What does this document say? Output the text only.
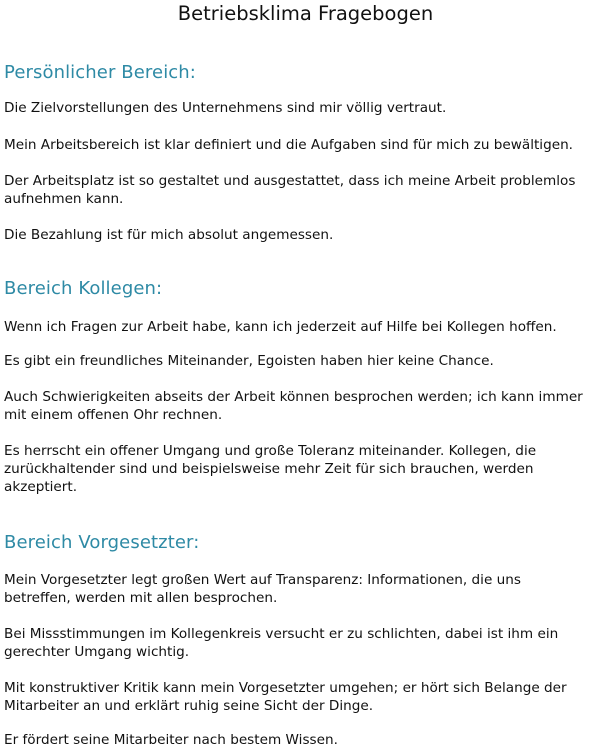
Betriebsklima Fragebogen
Persönlicher Bereich:

Die Zielvorstellungen des Unternehmens sind mir völlig vertraut.

Mein Arbeitsbereich ist klar definiert und die Aufgaben sind für mich zu bewältigen.

Der Arbeitsplatz ist so gestaltet und ausgestattet, dass ich meine Arbeit problemlos
aufnehmen kann.

Die Bezahlung ist für mich absolut angemessen.

Bereich Kollegen:

Wenn ich Fragen zur Arbeit habe, kann ich jederzeit auf Hilfe bei Kollegen hoffen.

Es gibt ein freundliches Miteinander, Egoisten haben hier keine Chance.

Auch Schwierigkeiten abseits der Arbeit können besprochen werden; ich kann immer
mit einem offenen Ohr rechnen.

Es herrscht ein offener Umgang und große Toleranz miteinander. Kollegen, die
zurückhaltender sind und beispielsweise mehr Zeit für sich brauchen, werden
akzeptiert.

Bereich Vorgesetzter:

Mein Vorgesetzter legt großen Wert auf Transparenz: Informationen, die uns
betreffen, werden mit allen besprochen.

Bei Missstimmungen im Kollegenkreis versucht er zu schlichten, dabei ist ihm ein
gerechter Umgang wichtig.

Mit konstruktiver Kritik kann mein Vorgesetzter umgehen; er hört sich Belange der
Mitarbeiter an und erklärt ruhig seine Sicht der Dinge.

Er fördert seine Mitarbeiter nach bestem Wissen.
